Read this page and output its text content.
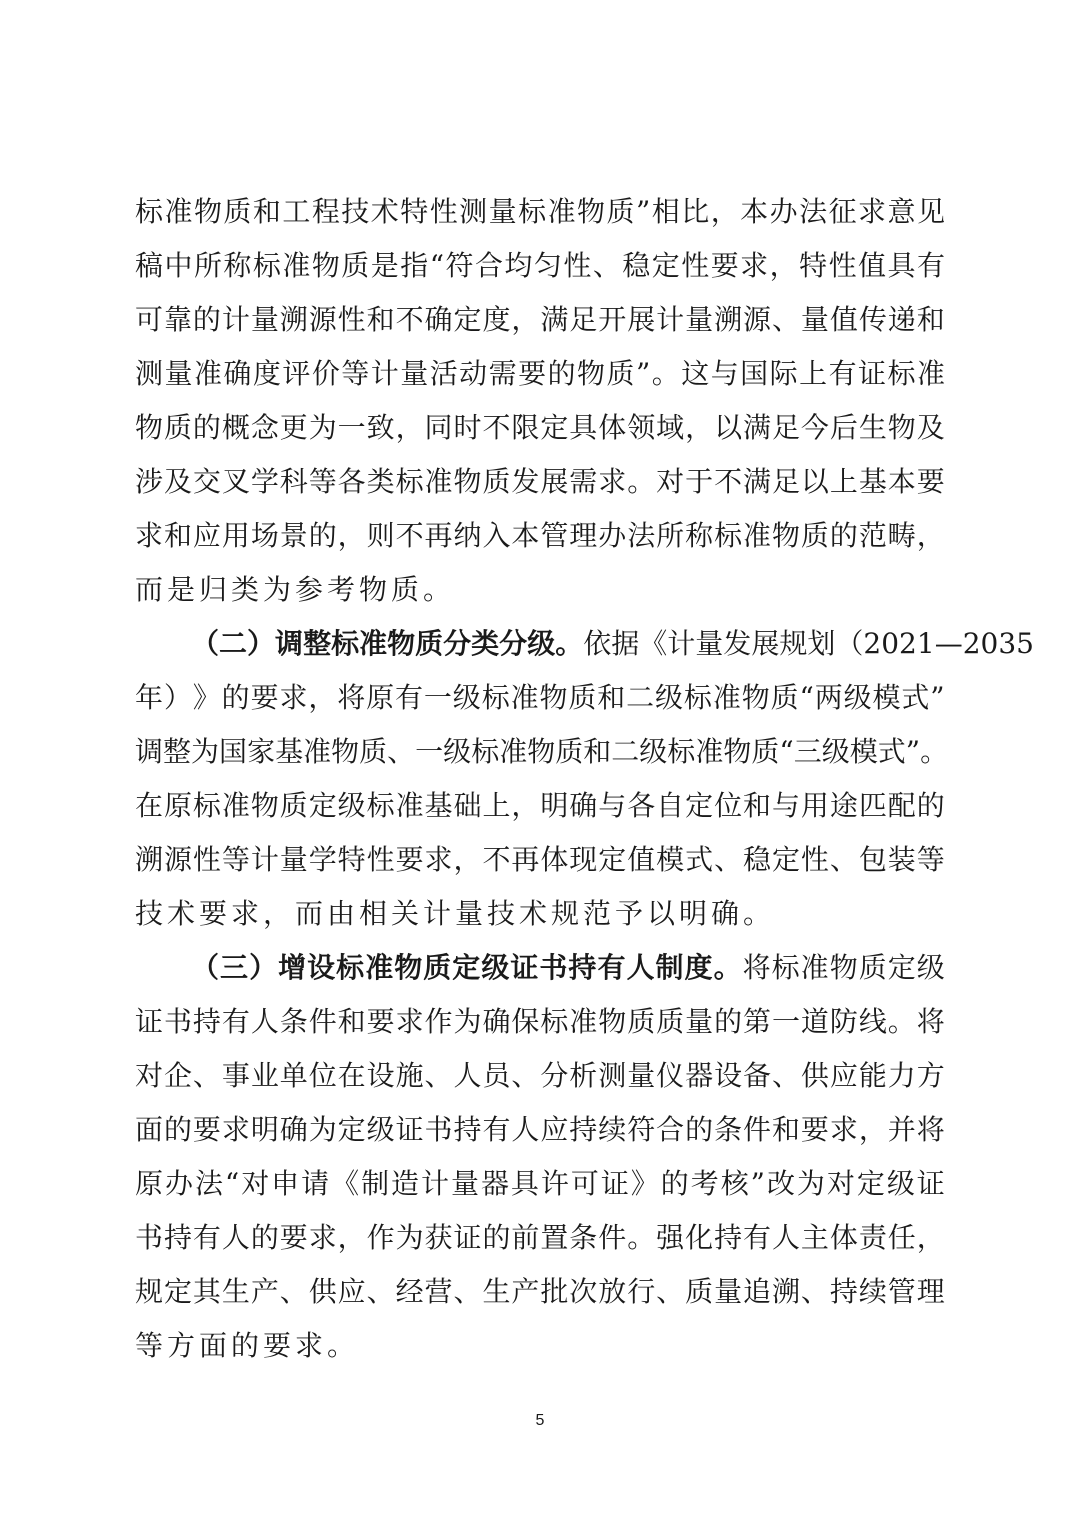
标 准 物 质 和 工 程 技 术 特 性 测 量 标 准 物 质 ” 相 比 ， 本 办 法 征 求 意 见
稿 中 所 称 标 准 物 质 是 指 “ 符 合 均 匀 性 、 稳 定 性 要 求 ， 特 性 值 具 有
可 靠 的 计 量 溯 源 性 和 不 确 定 度 ， 满 足 开 展 计 量 溯 源 、 量 值 传 递 和
测 量 准 确 度 评 价 等 计 量 活 动 需 要 的 物 质 ” 。 这 与 国 际 上 有 证 标 准
物 质 的 概 念 更 为 一 致 ， 同 时 不 限 定 具 体 领 域 ， 以 满 足 今 后 生 物 及
涉 及 交 叉 学 科 等 各 类 标 准 物 质 发 展 需 求 。 对 于 不 满 足 以 上 基 本 要
求 和 应 用 场 景 的 ， 则 不 再 纳 入 本 管 理 办 法 所 称 标 准 物 质 的 范 畴 ，
而是归类为参考物质。
（ 二 ） 调 整 标 准 物 质 分 类 分 级 。 依 据 《 计 量 发 展 规 划 （ 2 0 2 1 — 2 0 3 5
年 ） 》 的 要 求 ， 将 原 有 一 级 标 准 物 质 和 二 级 标 准 物 质 “ 两 级 模 式 ”
调 整 为 国 家 基 准 物 质 、 一 级 标 准 物 质 和 二 级 标 准 物 质 “ 三 级 模 式 ” 。
在 原 标 准 物 质 定 级 标 准 基 础 上 ， 明 确 与 各 自 定 位 和 与 用 途 匹 配 的
溯 源 性 等 计 量 学 特 性 要 求 ， 不 再 体 现 定 值 模 式 、 稳 定 性 、 包 装 等
技术要求，而由相关计量技术规范予以明确。
（ 三 ） 增 设 标 准 物 质 定 级 证 书 持 有 人 制 度 。 将 标 准 物 质 定 级
证 书 持 有 人 条 件 和 要 求 作 为 确 保 标 准 物 质 质 量 的 第 一 道 防 线 。 将
对 企 、 事 业 单 位 在 设 施 、 人 员 、 分 析 测 量 仪 器 设 备 、 供 应 能 力 方
面 的 要 求 明 确 为 定 级 证 书 持 有 人 应 持 续 符 合 的 条 件 和 要 求 ， 并 将
原 办 法 “ 对 申 请 《 制 造 计 量 器 具 许 可 证 》 的 考 核 ” 改 为 对 定 级 证
书 持 有 人 的 要 求 ， 作 为 获 证 的 前 置 条 件 。 强 化 持 有 人 主 体 责 任 ，
规 定 其 生 产 、 供 应 、 经 营 、 生 产 批 次 放 行 、 质 量 追 溯 、 持 续 管 理
等方面的要求。
5
